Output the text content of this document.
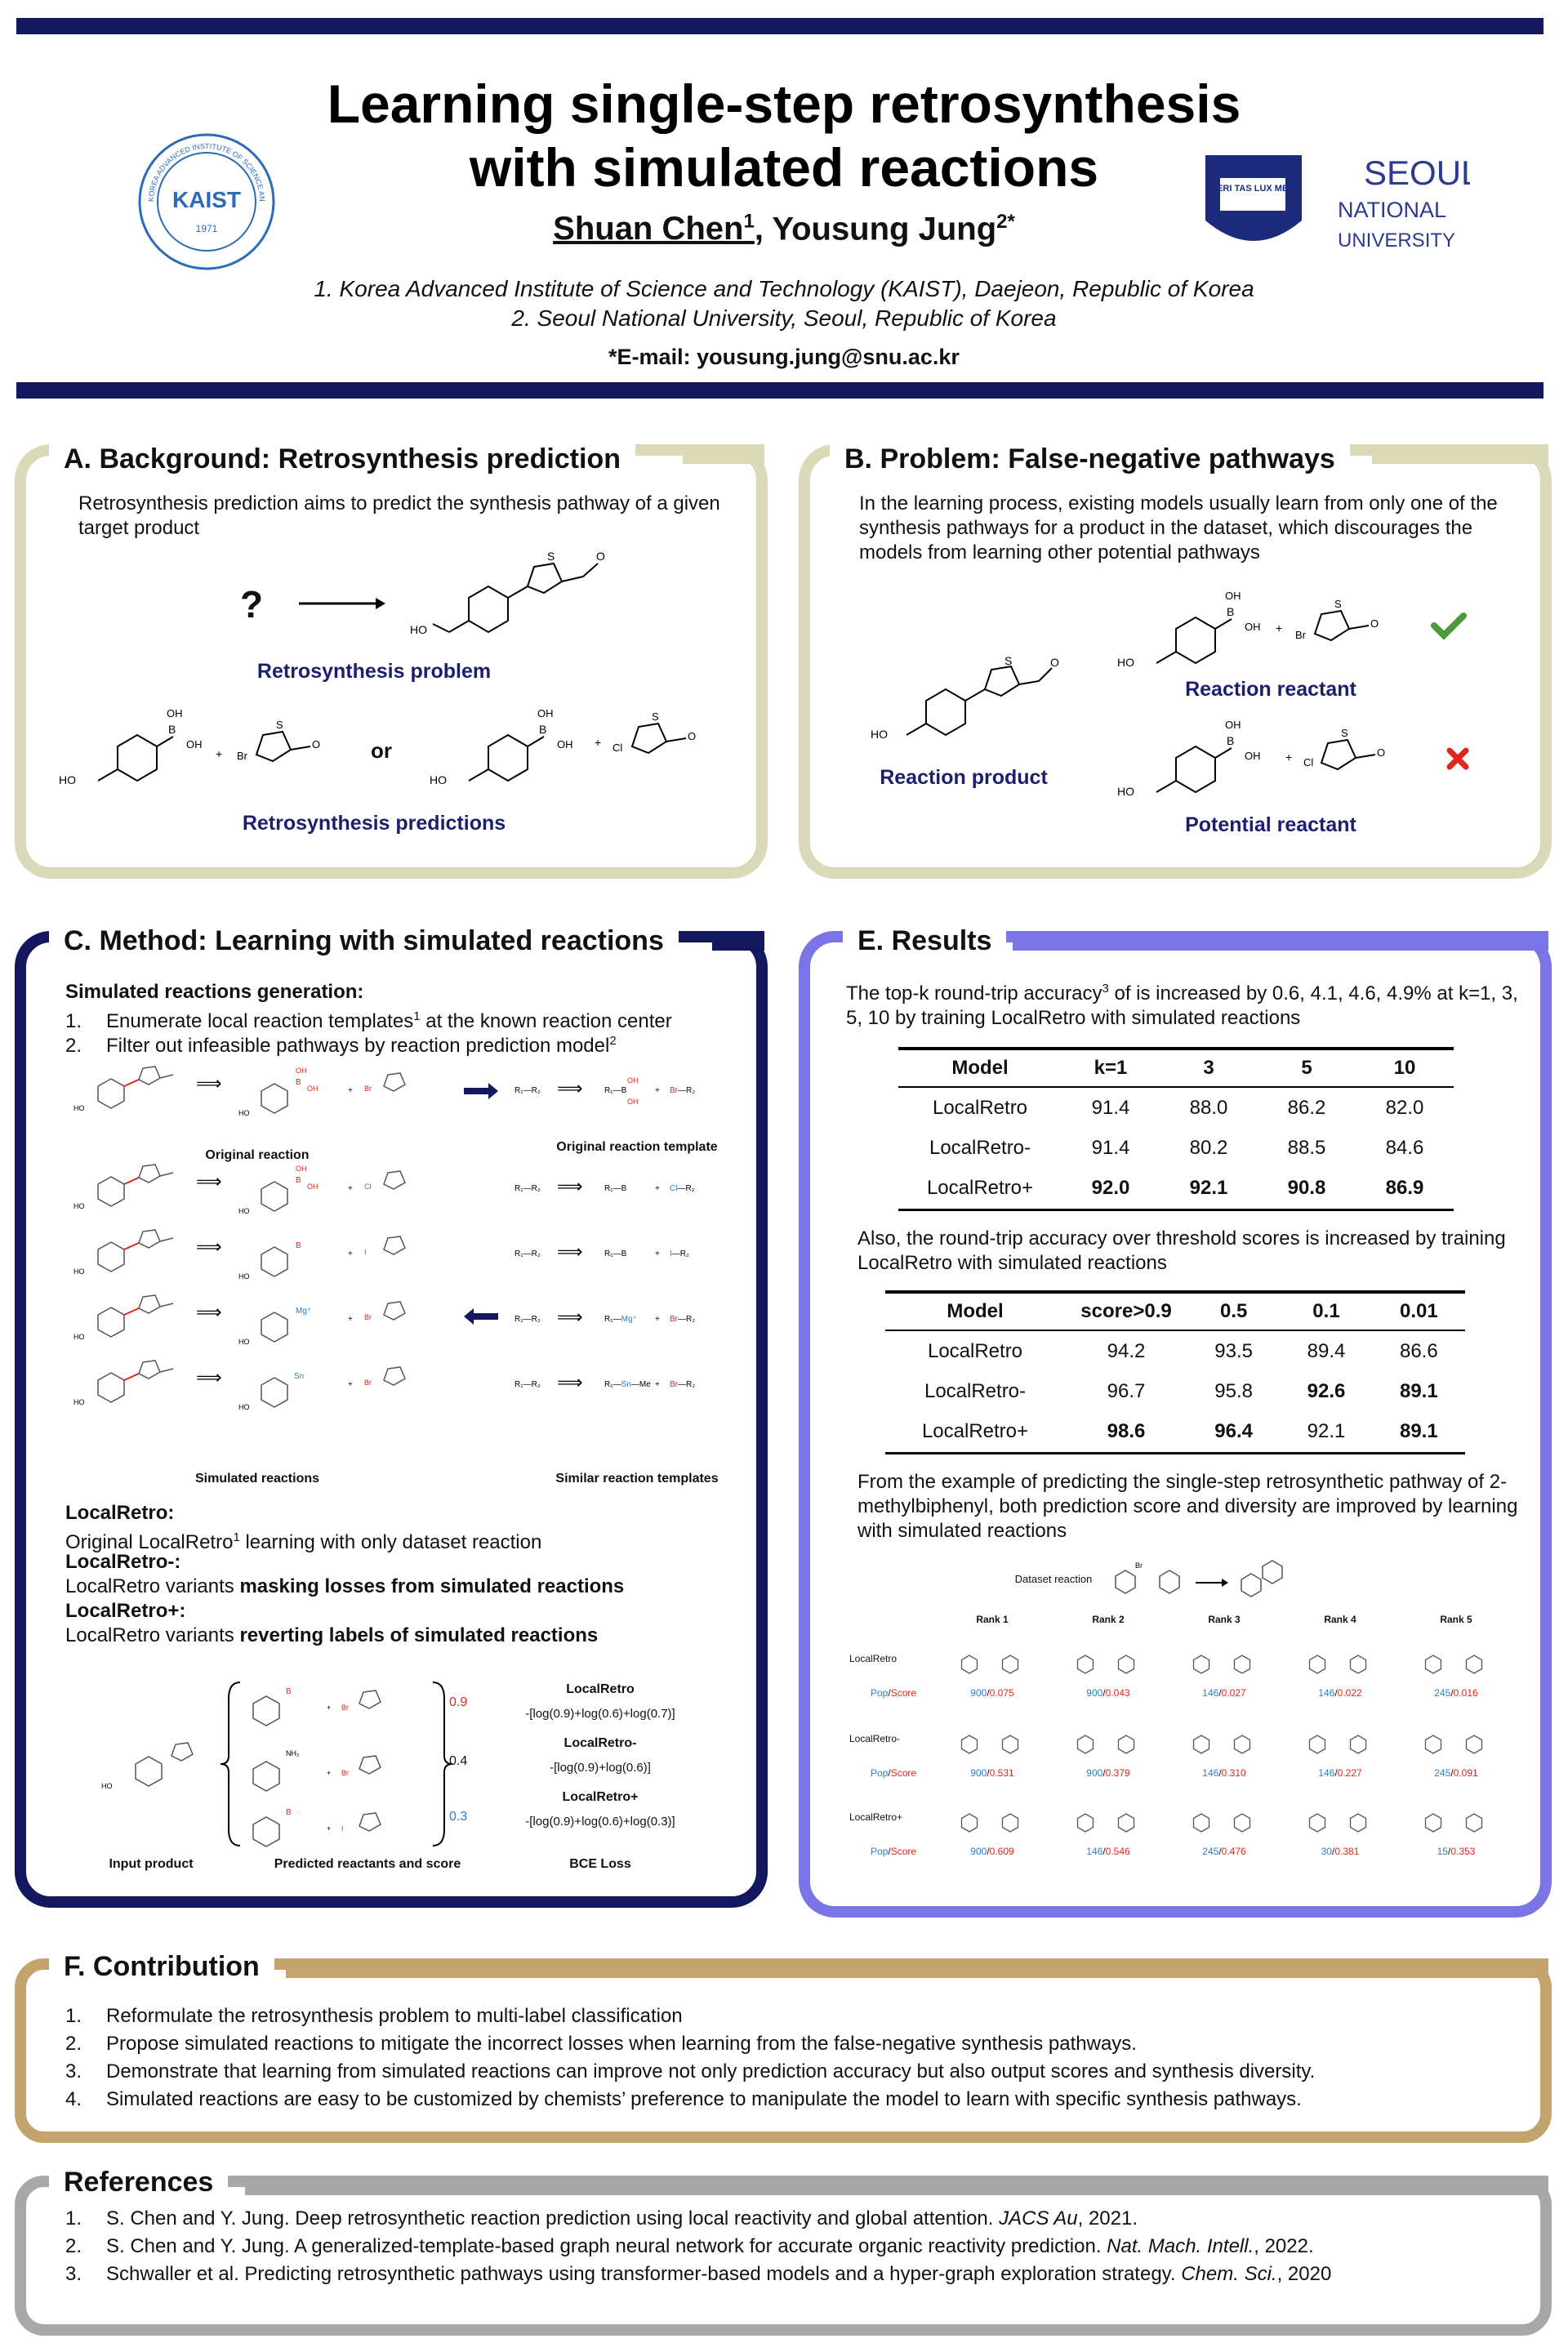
KOREA ADVANCED INSTITUTE OF SCIENCE AN
KAIST
1971
Learning single-step retrosynthesis
with simulated reactions
Shuan Chen$^1$, Yousung Jung$^{2*}$
1. Korea Advanced Institute of Science and Technology (KAIST), Daejeon, Republic of Korea
2. Seoul National University, Seoul, Republic of Korea
*E-mail: yousung.jung@snu.ac.kr
VERI TAS LUX MEA SEOUL
NATIONAL
UNIVERSITY
A. Background: Retrosynthesis prediction
Retrosynthesis prediction aims to predict the synthesis pathway of a given target product
?
HO
S	O
Retrosynthesis problem
HO
B
OH
OH
+ Br
S
O or
HO
B
OH
OH + Cl
S
O
Retrosynthesis predictions
B. Problem: False-negative pathways
In the learning process, existing models usually learn from only one of the synthesis pathways for a product in the dataset, which discourages the models from learning other potential pathways
HO
S	O
Reaction product
HO
B
OH
OH +
Br
S
O
Reaction reactant
HO
B
OH
OH + Cl
S
O
Potential reactant
C. Method: Learning with simulated reactions
Simulated reactions generation:
1. Enumerate local reaction templates$^1$ at the known reaction center
2. Filter out infeasible pathways by reaction prediction model$^2$
HO
⟹
HO
+
B
OH
OH	Br	R₁—R₂ ⟹	R₁—B
OH
OH
+ Br—R₂
B
OH
OH	Cl	R₁—R₂ ⟹	R₁—B	+ Cl—R₂
B
I	R₁—R₂ ⟹	R₁—B	+ I—R₂
Mg⁺
Br	R₁—R₂ ⟹	R₁—Mg⁺ + Br—R₂
Sn
Br	R₁—R₂ ⟹	R₁—Sn—Me + Br—R₂
Original reaction
Original reaction template
Simulated reactions	Similar reaction templates
LocalRetro:
Original LocalRetro$^1$ learning with only dataset reaction
LocalRetro-:
LocalRetro variants masking losses from simulated reactions
LocalRetro+:
LocalRetro variants reverting labels of simulated reactions
HO
B
+ Br
NH₂
+ Br
B
+ I
0.9
0.4
0.3
LocalRetro
-[log(0.9)+log(0.6)+log(0.7)]
LocalRetro-
-[log(0.9)+log(0.6)]
LocalRetro+
-[log(0.9)+log(0.6)+log(0.3)]
Input product	Predicted reactants and score	BCE Loss
E. Results
The top-k round-trip accuracy$^3$ of is increased by 0.6, 4.1, 4.6, 4.9% at k=1, 3, 5, 10 by training LocalRetro with simulated reactions
Model	k=1	3	5	10
LocalRetro	91.4	88.0	86.2	82.0
LocalRetro-	91.4	80.2	88.5	84.6
LocalRetro+	92.0	92.1	90.8	86.9
Also, the round-trip accuracy over threshold scores is increased by training LocalRetro with simulated reactions
Model	score>0.9	0.5	0.1	0.01
LocalRetro	94.2	93.5	89.4	86.6
LocalRetro-	96.7	95.8	92.6	89.1
LocalRetro+	98.6	96.4	92.1	89.1
From the example of predicting the single-step retrosynthetic pathway of 2-methylbiphenyl, both prediction score and diversity are improved by learning with simulated reactions
Dataset reaction
Br
Rank 1	Rank 2	Rank 3	Rank 4	Rank 5
LocalRetro
Pop/Score	900/0.075	900/0.043	146/0.027	146/0.022	245/0.016
LocalRetro-
Pop/Score	900/0.531	900/0.379	146/0.310	146/0.227	245/0.091
LocalRetro+
Pop/Score	900/0.609	146/0.546	245/0.476	30/0.381	15/0.353
F. Contribution
1. Reformulate the retrosynthesis problem to multi-label classification
2. Propose simulated reactions to mitigate the incorrect losses when learning from the false-negative synthesis pathways.
3. Demonstrate that learning from simulated reactions can improve not only prediction accuracy but also output scores and synthesis diversity.
4. Simulated reactions are easy to be customized by chemists’ preference to manipulate the model to learn with specific synthesis pathways.
References
1. S. Chen and Y. Jung. Deep retrosynthetic reaction prediction using local reactivity and global attention. JACS Au, 2021.
2. S. Chen and Y. Jung. A generalized-template-based graph neural network for accurate organic reactivity prediction. Nat. Mach. Intell., 2022.
3. Schwaller et al. Predicting retrosynthetic pathways using transformer-based models and a hyper-graph exploration strategy. Chem. Sci., 2020
